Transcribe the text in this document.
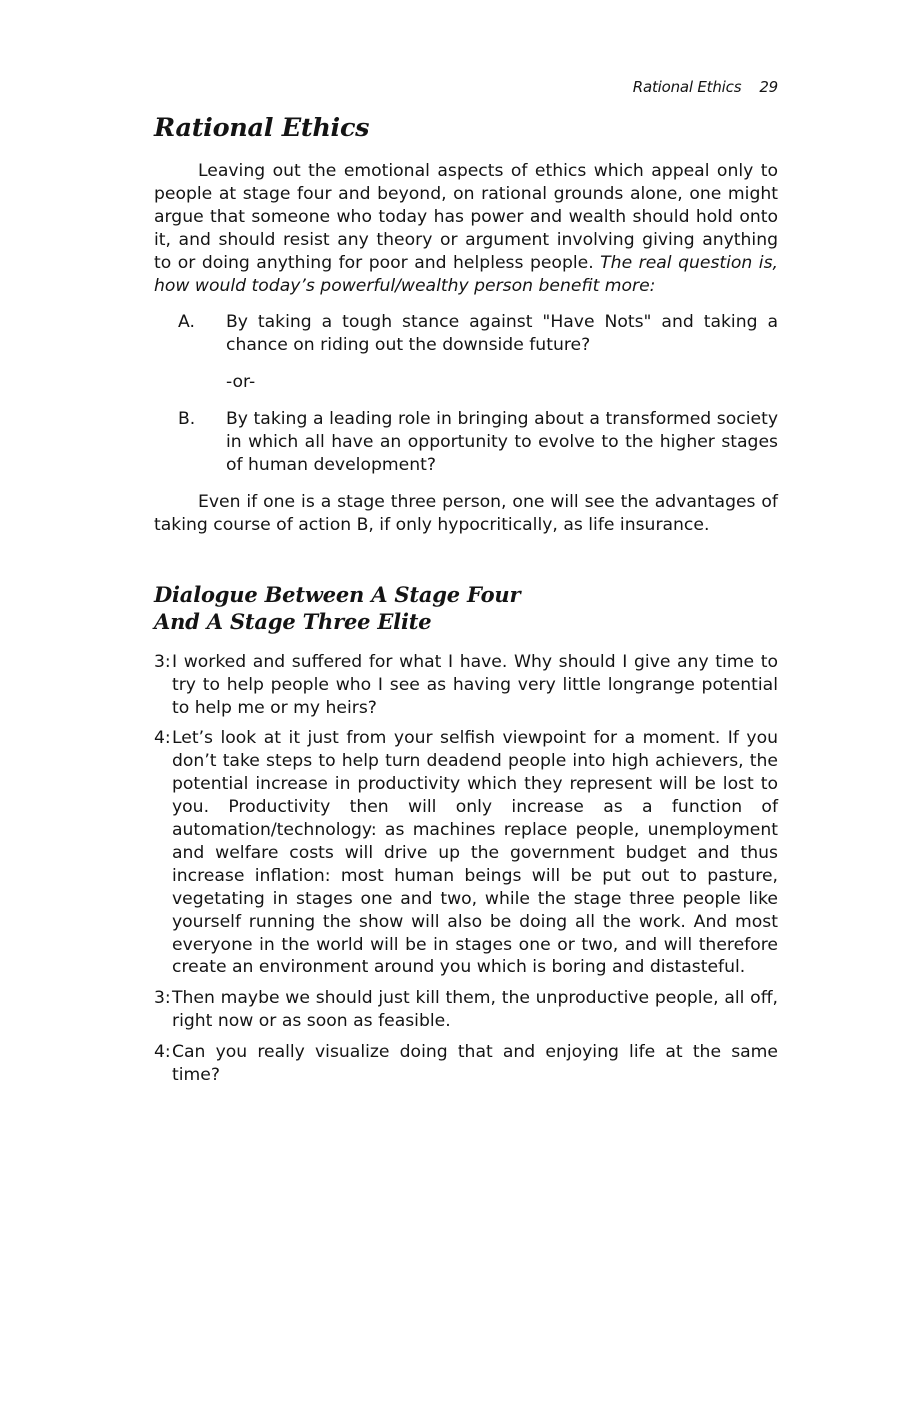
Rational Ethics 29
Rational Ethics

Leaving out the emotional aspects of ethics which appeal only to people at stage four and beyond, on rational grounds alone, one might argue that someone who today has power and wealth should hold onto it, and should resist any theory or argument involving giving anything to or doing anything for poor and helpless people. The real question is, how would today’s powerful/wealthy person benefit more:

A.	By taking a tough stance against "Have Nots" and taking a chance on riding out the downside future?
-or-
B.	By taking a leading role in bringing about a transformed society in which all have an opportunity to evolve to the higher stages of human development?

Even if one is a stage three person, one will see the advantages of taking course of action B, if only hypocritically, as life insurance.

Dialogue Between A Stage Four
And A Stage Three Elite
3: I worked and suffered for what I have. Why should I give any time to try to help people who I see as having very little longrange potential to help me or my heirs?
4: Let’s look at it just from your selfish viewpoint for a moment. If you don’t take steps to help turn deadend people into high achievers, the potential increase in productivity which they represent will be lost to you. Productivity then will only increase as a function of automation/technology: as machines replace people, unemployment and welfare costs will drive up the government budget and thus increase inflation: most human beings will be put out to pasture, vegetating in stages one and two, while the stage three people like yourself running the show will also be doing all the work. And most everyone in the world will be in stages one or two, and will therefore create an environment around you which is boring and distasteful.
3: Then maybe we should just kill them, the unproductive people, all off, right now or as soon as feasible.
4: Can you really visualize doing that and enjoying life at the same time?
